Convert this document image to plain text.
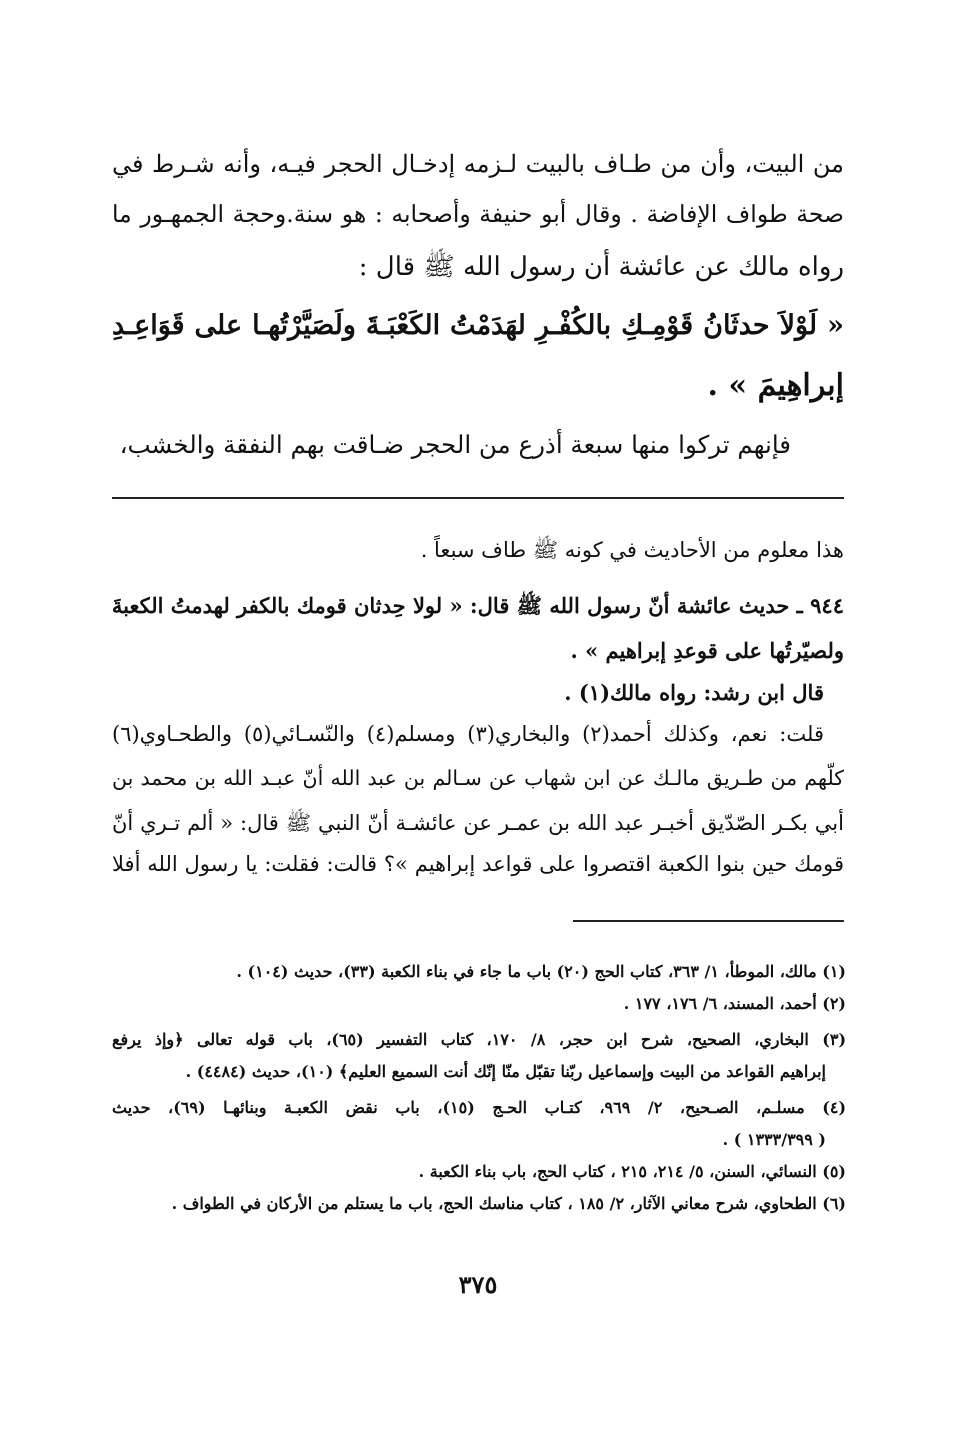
من البيت، وأن من طـاف بالبيت لـزمه إدخـال الحجر فيـه، وأنه شـرط في
صحة طواف الإفاضة . وقال أبو حنيفة وأصحابه : هو سنة.وحجة الجمهـور ما
رواه مالك عن عائشة أن رسول الله ﷺ قال :
« لَوْلاَ حدثَانُ قَوْمِـكِ بالكُفْـرِ لهَدَمْتُ الكَعْبَـةَ ولَصَيَّرْتُهـا على قَوَاعِـدِ
إبراهِيمَ » .
فإنهم تركوا منها سبعة أذرع من الحجر ضـاقت بهم النفقة والخشب،
هذا معلوم من الأحاديث في كونه ﷺ طاف سبعاً .
٩٤٤ ـ حديث عائشة أنّ رسول الله ﷺ قال: « لولا حِدثان قومك بالكفر لهدمتُ الكعبةَ
ولصيّرتُها على قوعدِ إبراهيم » .
قال ابن رشد: رواه مالك(١) .
قلت: نعم، وكذلك أحمد(٢) والبخاري(٣) ومسلم(٤) والنّسـائي(٥) والطحـاوي(٦)
كلّهم من طـريق مالـك عن ابن شهاب عن سـالم بن عبد الله أنّ عبـد الله بن محمد بن
أبي بكـر الصّدّيق أخبـر عبد الله بن عمـر عن عائشـة أنّ النبي ﷺ قال: « ألم تـري أنّ
قومك حين بنوا الكعبة اقتصروا على قواعد إبراهيم »؟ قالت: فقلت: يا رسول الله أفلا
(١) مالك، الموطأ، ١/ ٣٦٣، كتاب الحج (٢٠) باب ما جاء في بناء الكعبة (٣٣)، حديث (١٠٤) .
(٢) أحمد، المسند، ٦/ ١٧٦، ١٧٧ .
(٣) البخاري، الصحيح، شرح ابن حجر، ٨/ ١٧٠، كتاب التفسير (٦٥)، باب قوله تعالى ﴿وإذ يرفع
إبراهيم القواعد من البيت وإسماعيل ربّنا تقبّل منّا إنّك أنت السميع العليم﴾ (١٠)، حديث (٤٤٨٤) .
(٤) مسلـم، الصـحيح، ٢/ ٩٦٩، كتـاب الحـج (١٥)، باب نقض الكعبـة وبنائهـا (٦٩)، حديث
( ١٣٣٣/٣٩٩ ) .
(٥) النسائي، السنن، ٥/ ٢١٤، ٢١٥ ، كتاب الحج، باب بناء الكعبة .
(٦) الطحاوي، شرح معاني الآثار، ٢/ ١٨٥ ، كتاب مناسك الحج، باب ما يستلم من الأركان في الطواف .
٣٧٥
